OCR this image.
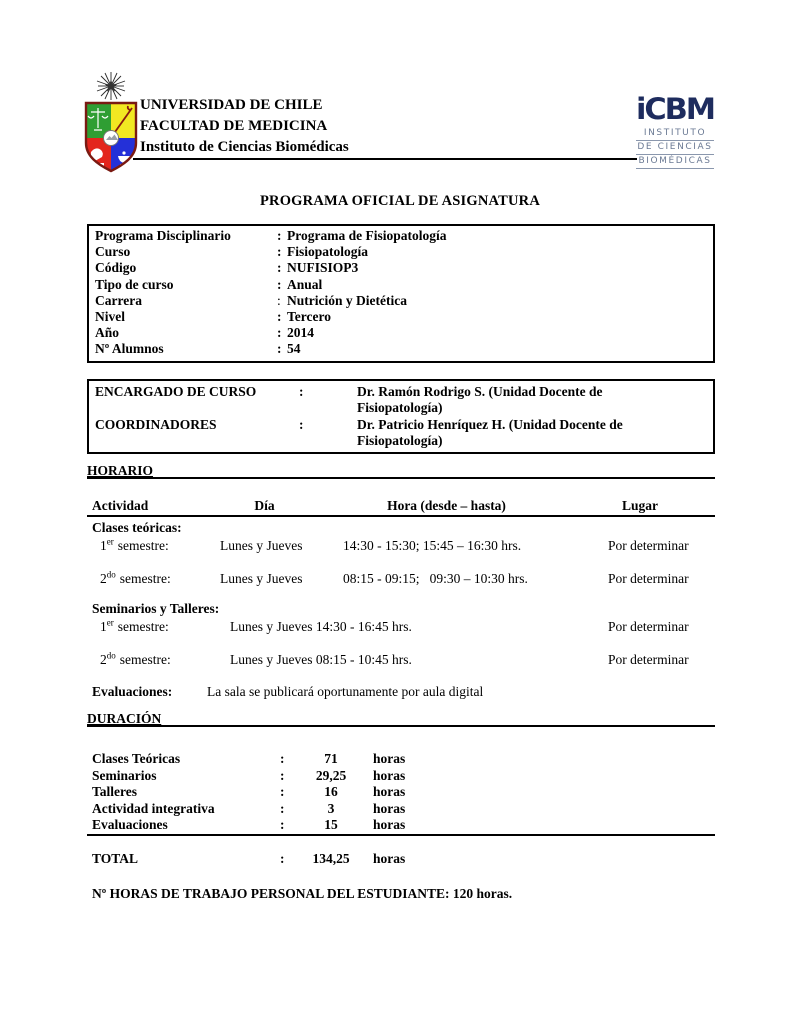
UNIVERSIDAD DE CHILE
FACULTAD DE MEDICINA
Instituto de Ciencias Biomédicas
iCBM
INSTITUTO
DE CIENCIAS
BIOMÉDICAS
PROGRAMA OFICIAL DE ASIGNATURA
Programa Disciplinario	: Programa de Fisiopatología
Curso	: Fisiopatología
Código	: NUFISIOP3
Tipo de curso	: Anual
Carrera	: Nutrición y Dietética
Nivel	: Tercero
Año	: 2014
Nº Alumnos	: 54
ENCARGADO DE CURSO	:	Dr. Ramón Rodrigo S. (Unidad Docente de Fisiopatología)
COORDINADORES	:	Dr. Patricio Henríquez H. (Unidad Docente de Fisiopatología)
HORARIO
Actividad	Día	Hora (desde – hasta)	Lugar
Clases teóricas:
1er semestre:	Lunes y Jueves	14:30 - 15:30; 15:45 – 16:30 hrs.	Por determinar
$2^{do}$ semestre:	Lunes y Jueves	08:15 - 09:15;   09:30 – 10:30 hrs.	Por determinar
Seminarios y Talleres:
1er semestre:	Lunes y Jueves 14:30 - 16:45 hrs.	Por determinar
$2^{do}$ semestre:	Lunes y Jueves 08:15 - 10:45 hrs.	Por determinar
Evaluaciones:	La sala se publicará oportunamente por aula digital
DURACIÓN
Clases Teóricas	:	71	horas
Seminarios	:	29,25	horas
Talleres	:	16	horas
Actividad integrativa	:	3	horas
Evaluaciones	:	15	horas
TOTAL	:	134,25	horas
Nº HORAS DE TRABAJO PERSONAL DEL ESTUDIANTE: 120 horas.
